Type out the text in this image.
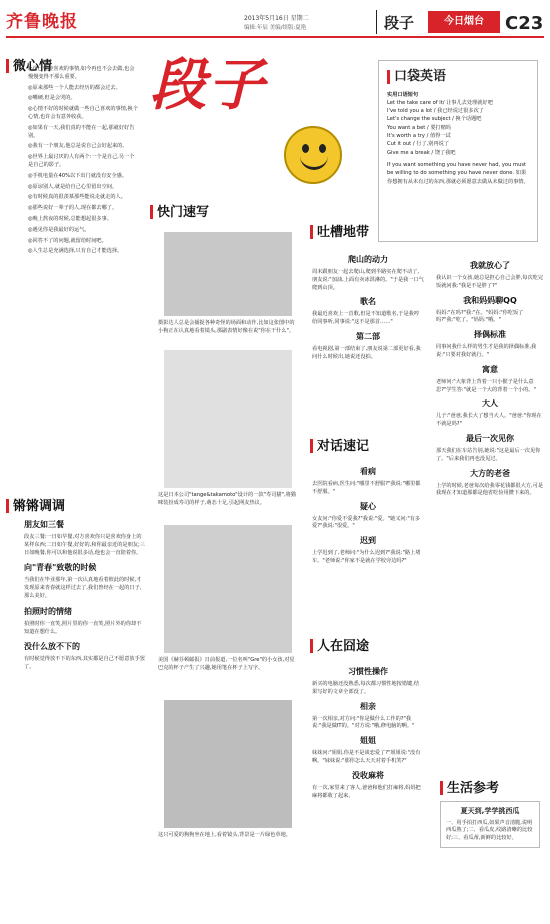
齐鲁晚报	2013年5月16日 星期二
编辑:年辰 美编/组版:夏艳	段子	今日烟台	C23
微心情
◎自己曾经喜欢的事情,如今再也不会去做,也会慢慢变得不那么重要。
◎原来那些一个人能去经历的都会过去。
◎嘴硬,但是会哭的。
◎心情不好的时候就做一些自己喜欢的事情,换个心情,也许会有意外收获。
◎如果有一天,我们真的不能在一起,那就好好告别。
◎我有一个朋友,他总是说自己会好起来的。
◎世界上最讨厌的人有两个:一个是自己,另一个是自己的影子。
◎手机电量在40%以下出门就没有安全感。
◎原谅别人,就是给自己心里留出空间。
◎有时候真的很羡慕那些能说走就走的人。
◎那些说好一辈子的人,现在都去哪了。
◎晚上熬夜的时候,总能想起很多事。
◎遇见你是我最好的运气。
◎回答不了的问题,就留给时间吧。
◎人生总是充满选择,只有自己才能选择。
锵锵调调
朋友如三餐
段友三餐:一日如早餐,对方喜欢你只是喜欢你身上的某样东西;二日如午餐,好好的,和你最亲近的是朋友;三日如晚餐,你可以和他说很多话,他也会一直陪着你。
向"青春"致敬的时候
当我们在毕业那年,第一次认真地看着彼此的时候,才发现原来青春就这样过去了,我们曾经在一起的日子,那么美好。
拍照时的情绪
拍照时你一直笑,照片里的你一直笑,照片外的你却不知道在想什么。
没什么放不下的
有时候觉得放不下的东西,其实都是自己不愿意放手罢了。
段子
快门速写
摄影达人总是会捕捉各种奇怪的场面和动作,比如这张图中的小狗正在认真地看着镜头,那副表情好像在说"你在干什么"。
这是日本公司"tange&takamoto"设计的一款"寿司猫",将猫咪装扮成寿司的样子,萌态十足,引起网友热议。
美国《赫芬顿邮报》日前报道,一位名叫"Gre"的小女孩,对星巴克的杯子产生了兴趣,她用笔在杯子上写字。
这只可爱的狗狗坐在地上,看着镜头,背景是一片绿色草地。
吐槽地带
爬山的动力
周末跟朋友一起去爬山,爬到半路实在爬不动了,朋友说:"加油,上面有卖冰淇淋的。"于是我一口气爬到山顶。
歌名
我最近喜欢上一首歌,但是不知道歌名,于是我哼给同事听,同事说:"这不是那首……"
第二部
看电视剧,第一部结束了,朋友说第二部更好看,我问什么时候出,她说还没拍。
对话速记
看病
去医院看病,医生问:"哪里不舒服?"我说:"哪里都不舒服。"
疑心
女友问:"你爱不爱我?"我说:"爱。"她又问:"有多爱?"我说:"很爱。"
迟到
上学迟到了,老师问:"为什么迟到?"我说:"路上堵车。"老师说:"你家不是就在学校旁边吗?"
人在囧途
习惯性操作
新买的电脑还没熟悉,每次都习惯性地按错键,结果写好的文章全部没了。
相亲
第一次相亲,对方问:"你是做什么工作的?"我说:"我是做IT的。"对方说:"哦,修电脑的啊。"
姐姐
妹妹问:"姐姐,你是不是谈恋爱了?"姐姐说:"没有啊。"妹妹说:"那你怎么天天对着手机笑?"
没收麻将
有一次,家里来了客人,爸爸和他们打麻将,妈妈把麻将都收了起来。
口袋英语
实用口语短句
Let the take care of it/ 让事儿去处理就好吧
I've told you a lot / 我已经说过很多次了
Let's change the subject / 换个话题吧
You want a bet / 要打赌吗
It's worth a try / 值得一试
Cut it out / 行了,别再说了
Give me a break / 饶了我吧
If you want something you have never had, you must be willing to do something you have never done. 如果你想拥有从未有过的东西,那就必须愿意去做从未做过的事情。
我就放心了
我认识一个女孩,她总是担心自己会胖,每次吃完饭就问我:"我是不是胖了?"
我和妈妈聊QQ
妈妈:"在吗?"我:"在。"妈妈:"你吃饭了吗?"我:"吃了。"妈妈:"哦。"
择偶标准
同事问我什么样的男生才是我的择偶标准,我说:"只要对我好就行。"
寓意
老师问:"大象背上背着一只小猴子是什么意思?"学生答:"就是一个大的背着一个小的。"
大人
儿子:"爸爸,我长大了想当大人。"爸爸:"你现在不就是吗?"
最后一次见你
那天我们在车站告别,她说:"这是最后一次见你了。"后来我们再也没见过。
大方的老爸
上学的时候,老爸每次给我零花钱都很大方,可是我现在才知道那都是他省吃俭用攒下来的。
生活参考
夏天到,学学挑西瓜
一、用手拍打西瓜,如果声音清脆,说明西瓜熟了;二、看瓜皮,纹路清晰的比较好;三、看瓜蒂,新鲜的比较好。
